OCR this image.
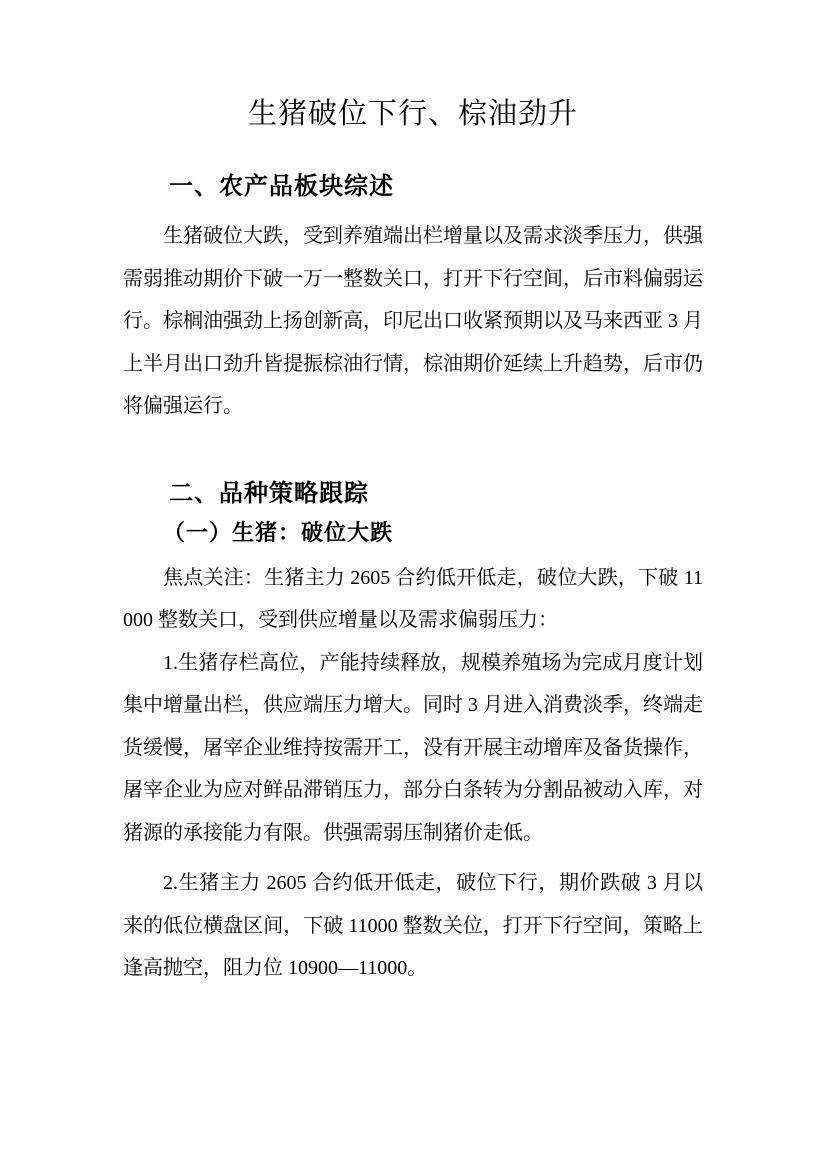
生猪破位下行、棕油劲升
一、农产品板块综述

生猪破位大跌，受到养殖端出栏增量以及需求淡季压力，供强需弱推动期价下破一万一整数关口，打开下行空间，后市料偏弱运行。棕榈油强劲上扬创新高，印尼出口收紧预期以及马来西亚 3 月上半月出口劲升皆提振棕油行情，棕油期价延续上升趋势，后市仍将偏强运行。

二、品种策略跟踪
（一）生猪：破位大跌

焦点关注：生猪主力 2605 合约低开低走，破位大跌，下破 11000 整数关口，受到供应增量以及需求偏弱压力：

1.生猪存栏高位，产能持续释放，规模养殖场为完成月度计划集中增量出栏，供应端压力增大。同时 3 月进入消费淡季，终端走货缓慢，屠宰企业维持按需开工，没有开展主动增库及备货操作，屠宰企业为应对鲜品滞销压力，部分白条转为分割品被动入库，对猪源的承接能力有限。供强需弱压制猪价走低。

2.生猪主力 2605 合约低开低走，破位下行，期价跌破 3 月以来的低位横盘区间，下破 11000 整数关位，打开下行空间，策略上逢高抛空，阻力位 10900—11000。
